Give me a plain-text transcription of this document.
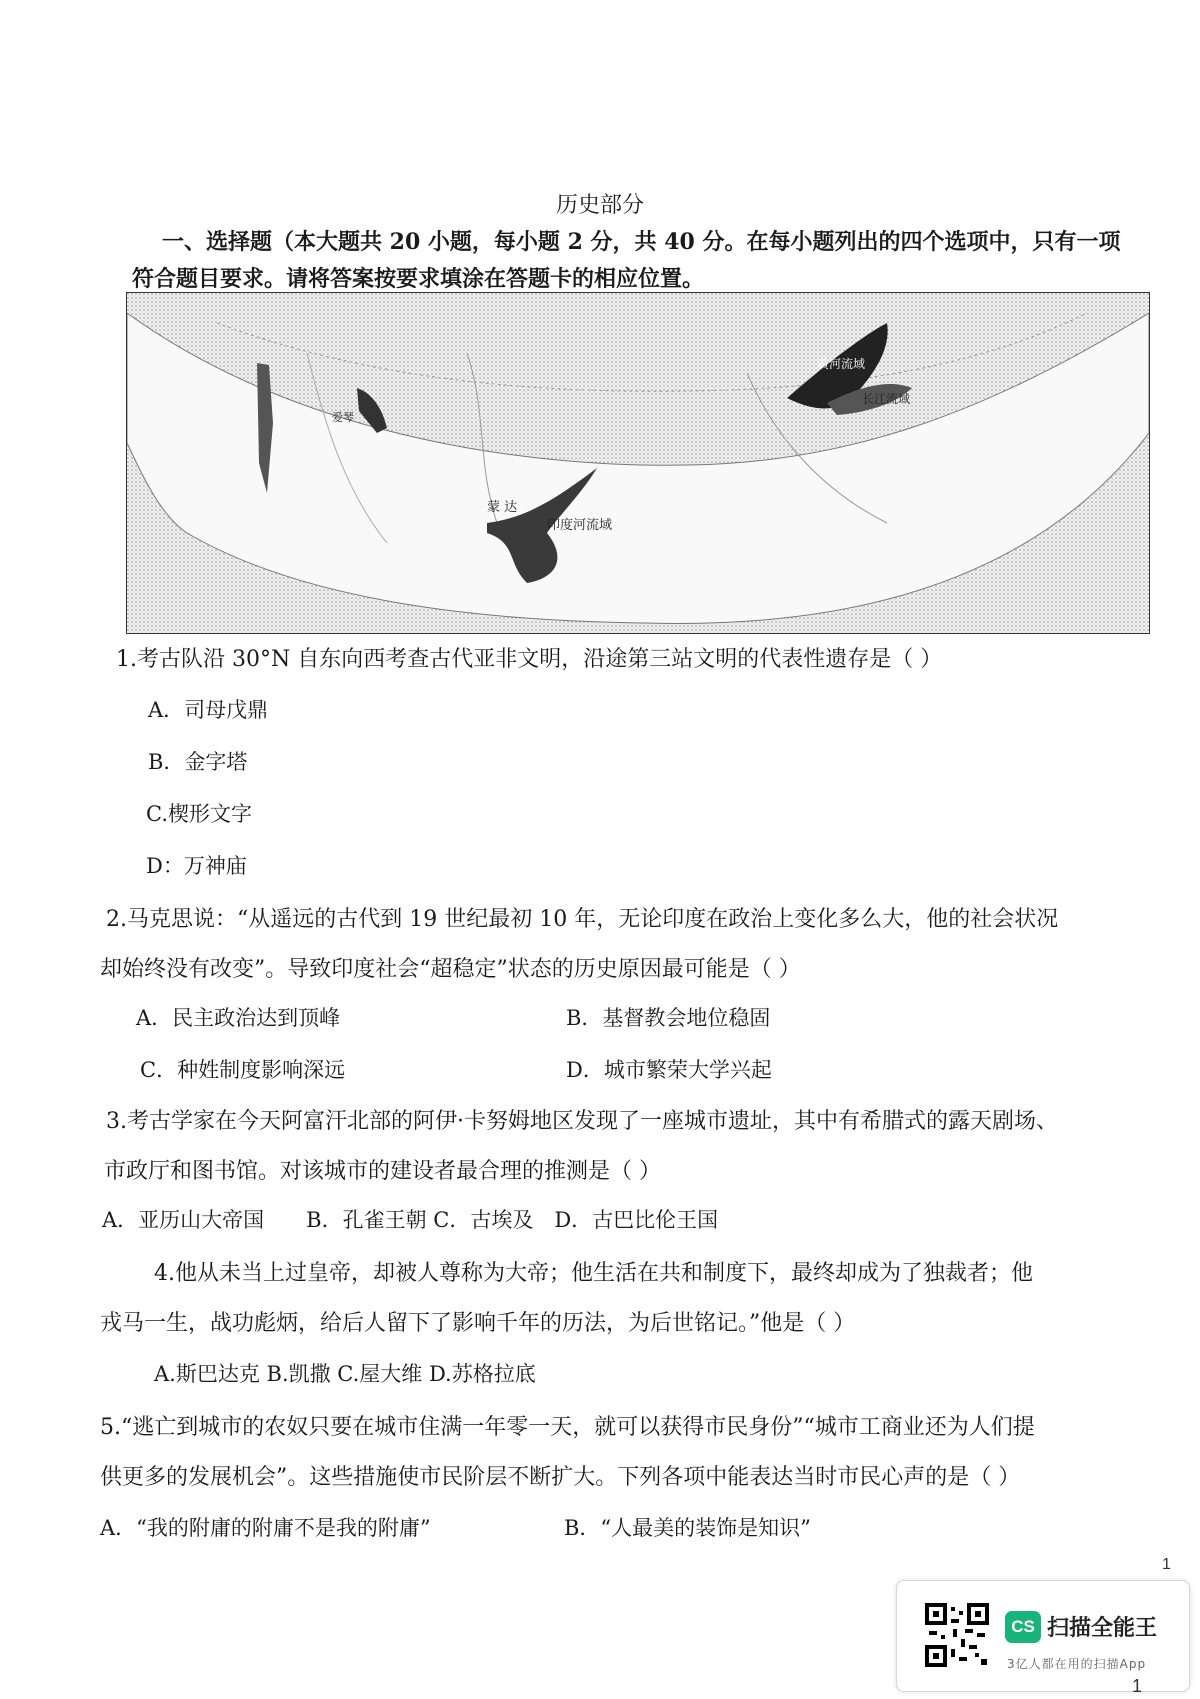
历史部分
一、选择题（本大题共 20 小题，每小题 2 分，共 40 分。在每小题列出的四个选项中，只有一项符合题目要求。请将答案按要求填涂在答题卡的相应位置。
爱琴
蒙 达
印度河流域
黄河流域
长江流域
1.考古队沿 30°N 自东向西考查古代亚非文明，沿途第三站文明的代表性遗存是（ ）
A．司母戊鼎
B．金字塔
C.楔形文字
D：万神庙
2.马克思说：“从遥远的古代到 19 世纪最初 10 年，无论印度在政治上变化多么大，他的社会状况
却始终没有改变”。导致印度社会“超稳定”状态的历史原因最可能是（ ）
A．民主政治达到顶峰	B．基督教会地位稳固
C．种姓制度影响深远	D．城市繁荣大学兴起
3.考古学家在今天阿富汗北部的阿伊·卡努姆地区发现了一座城市遗址，其中有希腊式的露天剧场、
市政厅和图书馆。对该城市的建设者最合理的推测是（ ）
A．亚历山大帝国　　B．孔雀王朝 C．古埃及　D．古巴比伦王国
4.他从未当上过皇帝，却被人尊称为大帝；他生活在共和制度下，最终却成为了独裁者；他
戎马一生，战功彪炳，给后人留下了影响千年的历法，为后世铭记。”他是（ ）
A.斯巴达克 B.凯撒 C.屋大维 D.苏格拉底
5.“逃亡到城市的农奴只要在城市住满一年零一天，就可以获得市民身份”“城市工商业还为人们提
供更多的发展机会”。这些措施使市民阶层不断扩大。下列各项中能表达当时市民心声的是（ ）
A．“我的附庸的附庸不是我的附庸”	B．“人最美的装饰是知识”
1
CS 扫描全能王
3亿人都在用的扫描App
1
